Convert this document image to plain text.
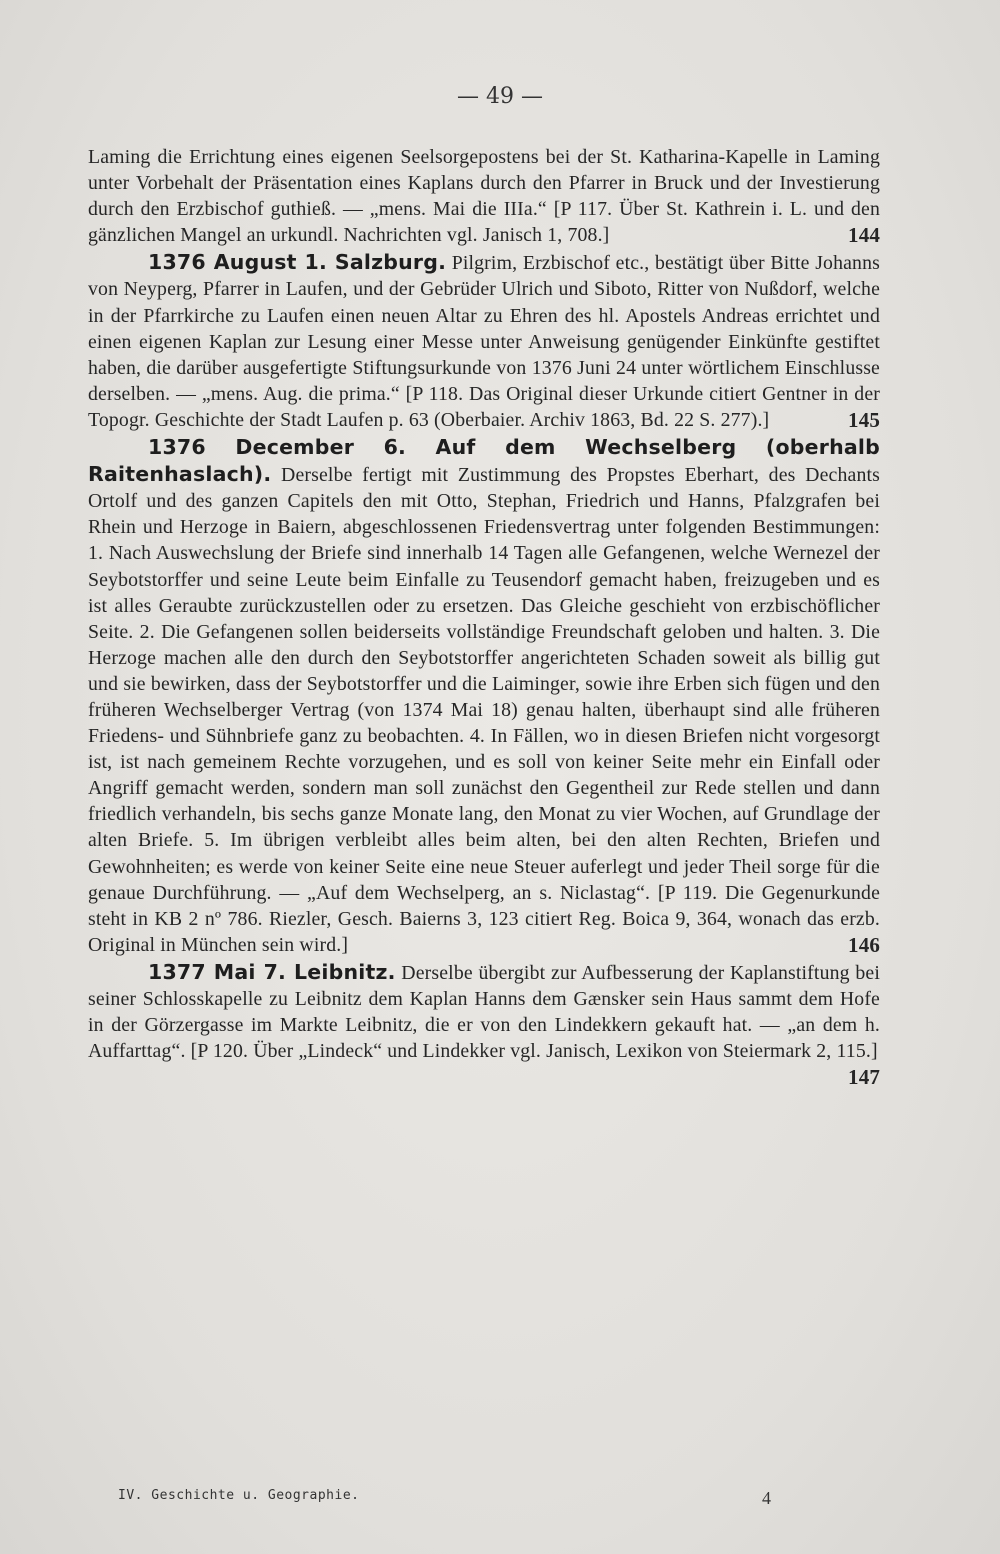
— 49 —

Laming die Errichtung eines eigenen Seelsorgepostens bei der St. Katharina-Kapelle in Laming unter Vorbehalt der Präsentation eines Kaplans durch den Pfarrer in Bruck und der Investierung durch den Erzbischof guthieß. — „mens. Mai die IIIa.“ [P 117. Über St. Kathrein i. L. und den gänzlichen Mangel an urkundl. Nachrichten vgl. Janisch 1, 708.]	144

1376 August 1. Salzburg. Pilgrim, Erzbischof etc., bestätigt über Bitte Johanns von Neyperg, Pfarrer in Laufen, und der Gebrüder Ulrich und Siboto, Ritter von Nußdorf, welche in der Pfarrkirche zu Laufen einen neuen Altar zu Ehren des hl. Apostels Andreas errichtet und einen eigenen Kaplan zur Lesung einer Messe unter Anweisung genügender Einkünfte gestiftet haben, die darüber ausgefertigte Stiftungsurkunde von 1376 Juni 24 unter wörtlichem Einschlusse derselben. — „mens. Aug. die prima.“ [P 118. Das Original dieser Urkunde citiert Gentner in der Topogr. Geschichte der Stadt Laufen p. 63 (Oberbaier. Archiv 1863, Bd. 22 S. 277).]	145

1376 December 6. Auf dem Wechselberg (oberhalb Raitenhaslach). Derselbe fertigt mit Zustimmung des Propstes Eberhart, des Dechants Ortolf und des ganzen Capitels den mit Otto, Stephan, Friedrich und Hanns, Pfalzgrafen bei Rhein und Herzoge in Baiern, abgeschlossenen Friedensvertrag unter folgenden Bestimmungen: 1. Nach Auswechslung der Briefe sind innerhalb 14 Tagen alle Gefangenen, welche Wernezel der Seybotstorffer und seine Leute beim Einfalle zu Teusendorf gemacht haben, freizugeben und es ist alles Geraubte zurückzustellen oder zu ersetzen. Das Gleiche geschieht von erzbischöflicher Seite. 2. Die Gefangenen sollen beiderseits vollständige Freundschaft geloben und halten. 3. Die Herzoge machen alle den durch den Seybotstorffer angerichteten Schaden soweit als billig gut und sie bewirken, dass der Seybotstorffer und die Laiminger, sowie ihre Erben sich fügen und den früheren Wechselberger Vertrag (von 1374 Mai 18) genau halten, überhaupt sind alle früheren Friedens- und Sühnbriefe ganz zu beobachten. 4. In Fällen, wo in diesen Briefen nicht vorgesorgt ist, ist nach gemeinem Rechte vorzugehen, und es soll von keiner Seite mehr ein Einfall oder Angriff gemacht werden, sondern man soll zunächst den Gegentheil zur Rede stellen und dann friedlich verhandeln, bis sechs ganze Monate lang, den Monat zu vier Wochen, auf Grundlage der alten Briefe. 5. Im übrigen verbleibt alles beim alten, bei den alten Rechten, Briefen und Gewohnheiten; es werde von keiner Seite eine neue Steuer auferlegt und jeder Theil sorge für die genaue Durchführung. — „Auf dem Wechselperg, an s. Niclastag“. [P 119. Die Gegenurkunde steht in KB 2 nº 786. Riezler, Gesch. Baierns 3, 123 citiert Reg. Boica 9, 364, wonach das erzb. Original in München sein wird.]	146

1377 Mai 7. Leibnitz. Derselbe übergibt zur Aufbesserung der Kaplanstiftung bei seiner Schlosskapelle zu Leibnitz dem Kaplan Hanns dem Gænsker sein Haus sammt dem Hofe in der Görzergasse im Markte Leibnitz, die er von den Lindekkern gekauft hat. — „an dem h. Auffarttag“. [P 120. Über „Lindeck“ und Lindekker vgl. Janisch, Lexikon von Steiermark 2, 115.]
147

IV. Geschichte u. Geographie.	4
